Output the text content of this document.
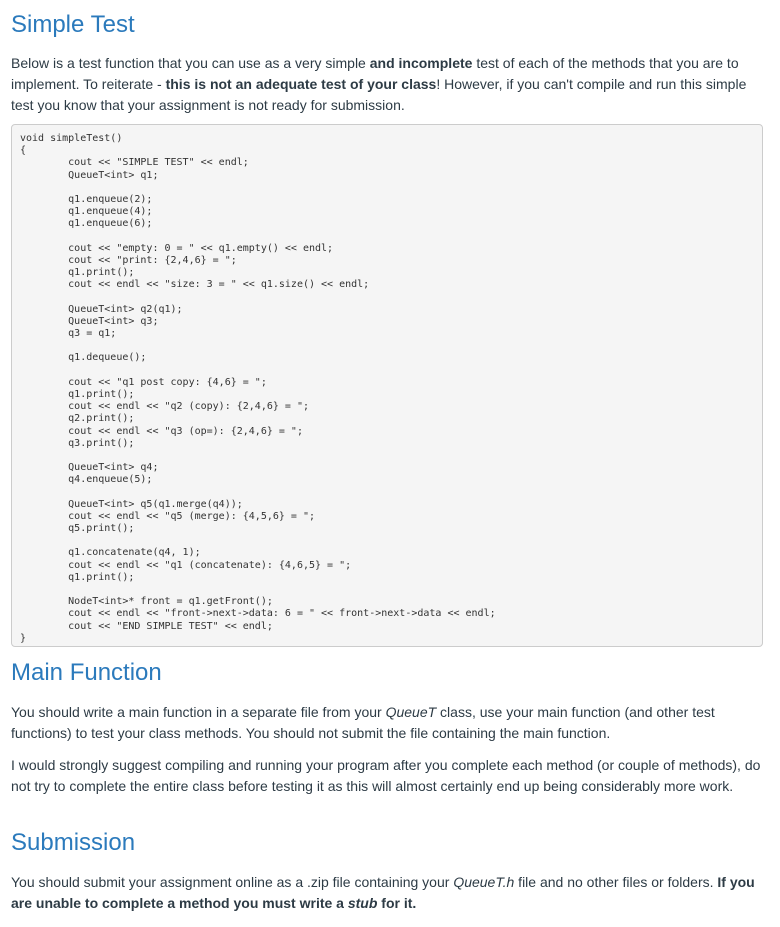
Simple Test

Below is a test function that you can use as a very simple and incomplete test of each of the methods that you are to implement. To reiterate - this is not an adequate test of your class! However, if you can't compile and run this simple test you know that your assignment is not ready for submission.

void simpleTest()
{
cout << "SIMPLE TEST" << endl;
QueueT<int> q1;
q1.enqueue(2);
q1.enqueue(4);
q1.enqueue(6);
cout << "empty: 0 = " << q1.empty() << endl;
cout << "print: {2,4,6} = ";
q1.print();
cout << endl << "size: 3 = " << q1.size() << endl;
QueueT<int> q2(q1);
QueueT<int> q3;
q3 = q1;
q1.dequeue();
cout << "q1 post copy: {4,6} = ";
q1.print();
cout << endl << "q2 (copy): {2,4,6} = ";
q2.print();
cout << endl << "q3 (op=): {2,4,6} = ";
q3.print();
QueueT<int> q4;
q4.enqueue(5);
QueueT<int> q5(q1.merge(q4));
cout << endl << "q5 (merge): {4,5,6} = ";
q5.print();
q1.concatenate(q4, 1);
cout << endl << "q1 (concatenate): {4,6,5} = ";
q1.print();
NodeT<int>* front = q1.getFront();
cout << endl << "front->next->data: 6 = " << front->next->data << endl;
cout << "END SIMPLE TEST" << endl;
}
Main Function

You should write a main function in a separate file from your QueueT class, use your main function (and other test functions) to test your class methods. You should not submit the file containing the main function.

I would strongly suggest compiling and running your program after you complete each method (or couple of methods), do not try to complete the entire class before testing it as this will almost certainly end up being considerably more work.

Submission

You should submit your assignment online as a .zip file containing your QueueT.h file and no other files or folders. If you are unable to complete a method you must write a stub for it.
